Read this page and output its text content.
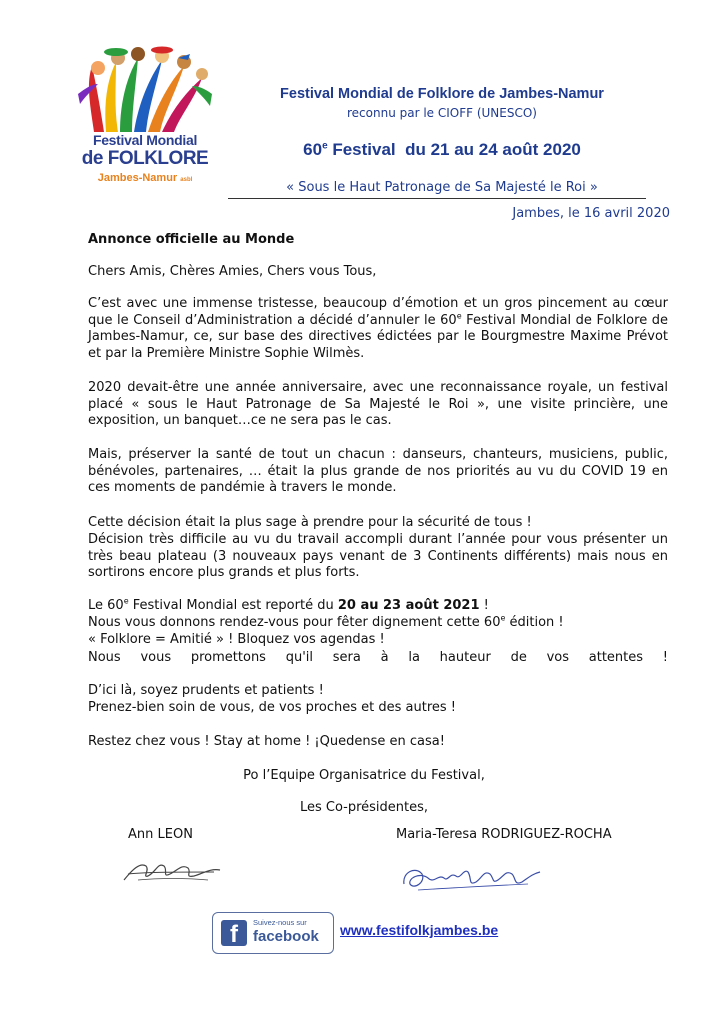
Festival Mondial
de FOLKLORE
Jambes-Namur asbl
Festival Mondial de Folklore de Jambes-Namur
reconnu par le CIOFF (UNESCO)
60e Festival  du 21 au 24 août 2020
« Sous le Haut Patronage de Sa Majesté le Roi »
Jambes, le 16 avril 2020
Annonce officielle au Monde
Chers Amis, Chères Amies, Chers vous Tous,

C’est avec une immense tristesse, beaucoup d’émotion et un gros pincement au cœur que le Conseil d’Administration a décidé d’annuler le 60e Festival Mondial de Folklore de Jambes-Namur, ce, sur base des directives édictées par le Bourgmestre Maxime Prévot et par la Première Ministre Sophie Wilmès.

2020 devait-être une année anniversaire, avec une reconnaissance royale, un festival placé « sous le Haut Patronage de Sa Majesté le Roi », une visite princière, une exposition, un banquet…ce ne sera pas le cas.

Mais, préserver la santé de tout un chacun : danseurs, chanteurs, musiciens, public, bénévoles, partenaires, … était la plus grande de nos priorités au vu du COVID 19 en ces moments de pandémie à travers le monde.

Cette décision était la plus sage à prendre pour la sécurité de tous !

Décision très difficile au vu du travail accompli durant l’année pour vous présenter un très beau plateau (3 nouveaux pays venant de 3 Continents différents) mais nous en sortirons encore plus grands et plus forts.

Le 60e Festival Mondial est reporté du 20 au 23 août 2021 !
Nous vous donnons rendez-vous pour fêter dignement cette 60e édition !
« Folklore = Amitié » ! Bloquez vos agendas !

Nous vous promettons qu'il sera à la hauteur de vos attentes !

D’ici là, soyez prudents et patients !
Prenez-bien soin de vous, de vos proches et des autres !
Restez chez vous ! Stay at home ! ¡Quedense en casa!
Po l’Equipe Organisatrice du Festival,
Les Co-présidentes,
Ann LEON	Maria-Teresa RODRIGUEZ-ROCHA
f	Suivez-nous sur
facebook www.festifolkjambes.be
